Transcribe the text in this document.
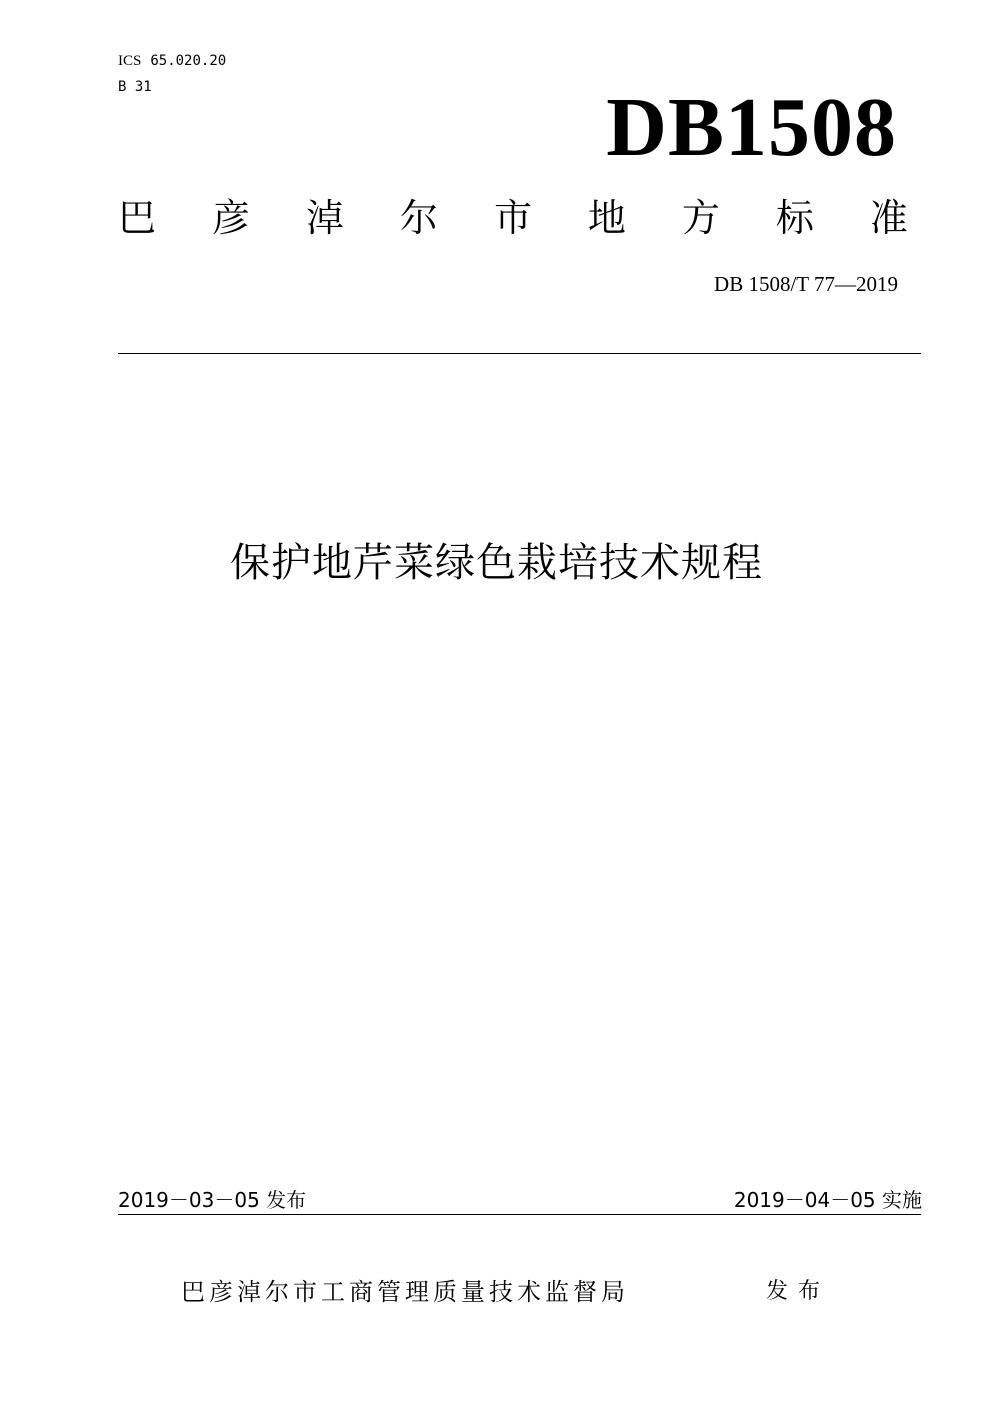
ICS 65.020.20
B 31	DB1508
巴 彦 淖 尔 市 地 方 标 准
DB 1508/T 77—2019
保护地芹菜绿色栽培技术规程
2019－03－05 发布	2019－04－05 实施
巴彦淖尔市工商管理质量技术监督局	发布
